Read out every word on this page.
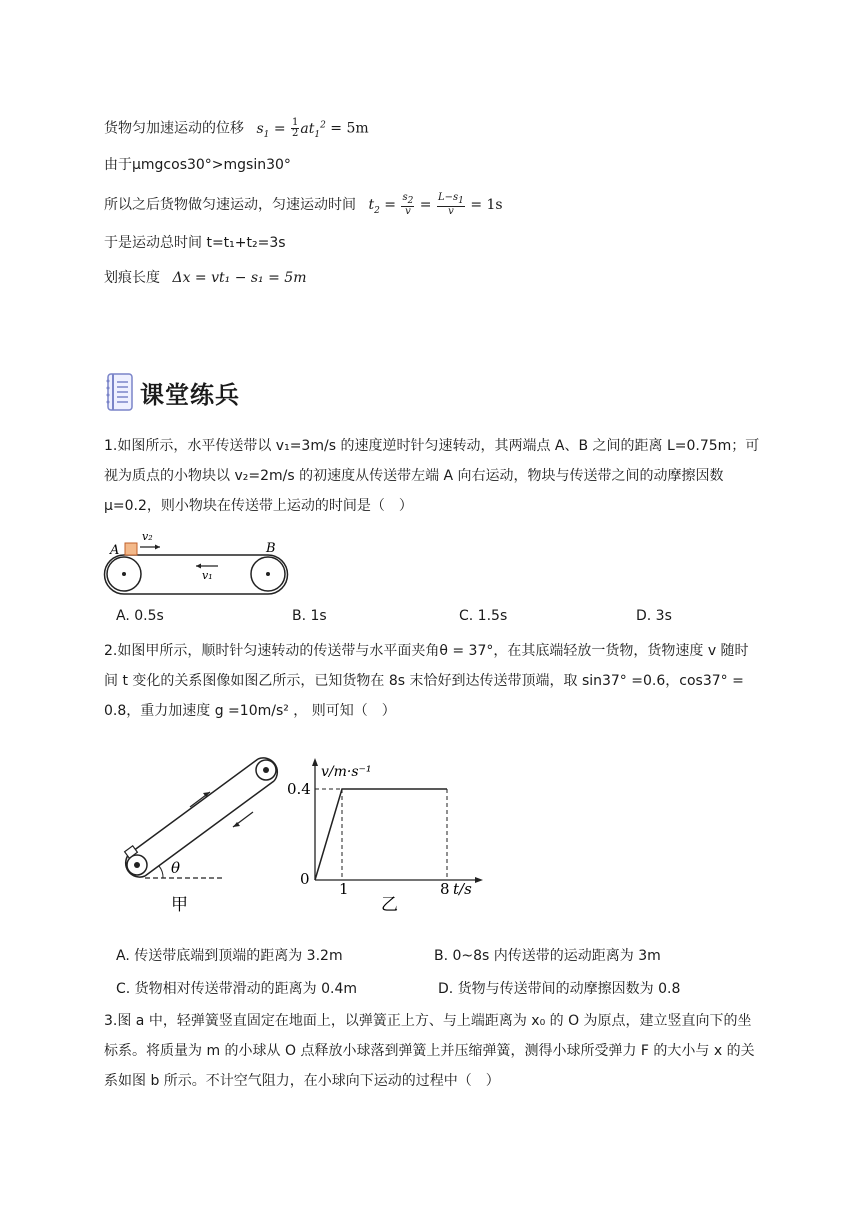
货物匀加速运动的位移 $s_1 = \frac{1}{2} at_1^2 = 5m$
由于μmgcos30°>mgsin30°
所以之后货物做匀速运动，匀速运动时间 $t_2 = \frac{s_2}{v} = \frac{L-s_1}{v} = 1s$
于是运动总时间 t=t₁+t₂=3s
划痕长度 Δx = vt₁ − s₁ = 5m
课堂练兵
1.如图所示，水平传送带以 v₁=3m/s 的速度逆时针匀速转动，其两端点 A、B 之间的距离 L=0.75m；可视为质点的小物块以 v₂=2m/s 的初速度从传送带左端 A 向右运动，物块与传送带之间的动摩擦因数μ=0.2，则小物块在传送带上运动的时间是（　）
A	B
v₂
v₁
A. 0.5s	B. 1s	C. 1.5s	D. 3s
2.如图甲所示，顺时针匀速转动的传送带与水平面夹角θ = 37°，在其底端轻放一货物，货物速度 v 随时间 t 变化的关系图像如图乙所示，已知货物在 8s 末恰好到达传送带顶端，取 sin37° =0.6，cos37° = 0.8，重力加速度 g =10m/s² ， 则可知（　）
θ
甲
v/m·s⁻¹
0.4
0
1	8 t/s
乙
A. 传送带底端到顶端的距离为 3.2m	B. 0~8s 内传送带的运动距离为 3m
C. 货物相对传送带滑动的距离为 0.4m	D. 货物与传送带间的动摩擦因数为 0.8
3.图 a 中，轻弹簧竖直固定在地面上，以弹簧正上方、与上端距离为 x₀ 的 O 为原点，建立竖直向下的坐标系。将质量为 m 的小球从 O 点释放小球落到弹簧上并压缩弹簧，测得小球所受弹力 F 的大小与 x 的关系如图 b 所示。不计空气阻力，在小球向下运动的过程中（　）
